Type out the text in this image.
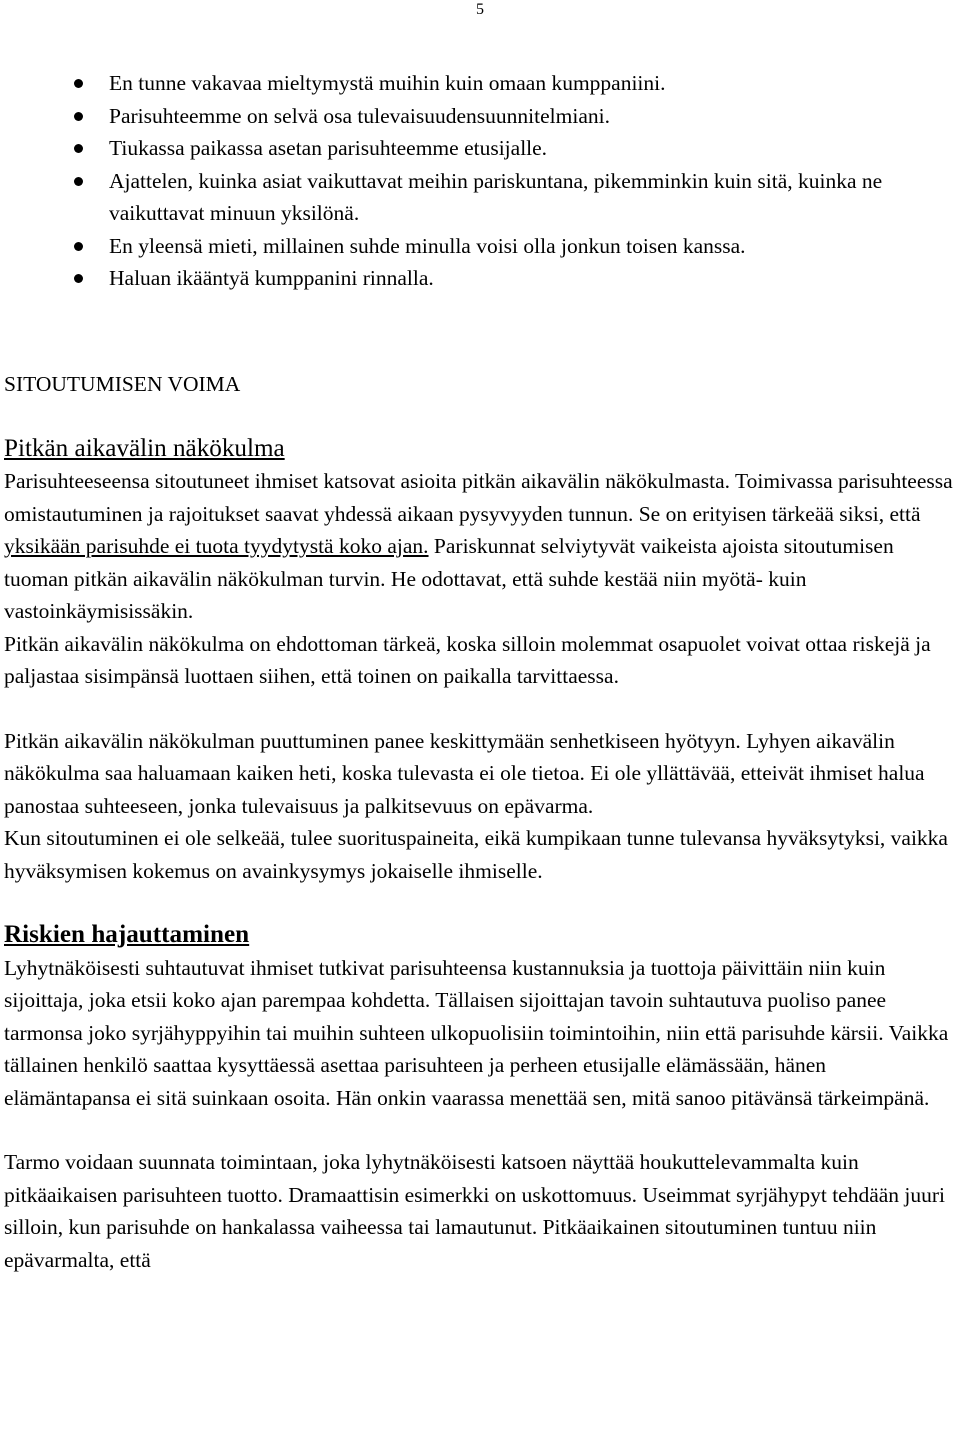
5
En tunne vakavaa mieltymystä muihin kuin omaan kumppaniini.
Parisuhteemme on selvä osa tulevaisuudensuunnitelmiani.
Tiukassa paikassa asetan parisuhteemme etusijalle.
Ajattelen, kuinka asiat vaikuttavat meihin pariskuntana, pikemminkin kuin sitä, kuinka ne vaikuttavat minuun yksilönä.
En yleensä mieti, millainen suhde minulla voisi olla jonkun toisen kanssa.
Haluan ikääntyä kumppanini rinnalla.
SITOUTUMISEN VOIMA
Pitkän aikavälin näkökulma

Parisuhteeseensa sitoutuneet ihmiset katsovat asioita pitkän aikavälin näkökulmasta. Toimivassa parisuhteessa omistautuminen ja rajoitukset saavat yhdessä aikaan pysyvyyden tunnun. Se on erityisen tärkeää siksi, että yksikään parisuhde ei tuota tyydytystä koko ajan. Pariskunnat selviytyvät vaikeista ajoista sitoutumisen tuoman pitkän aikavälin näkökulman turvin. He odottavat, että suhde kestää niin myötä- kuin vastoinkäymisissäkin.

Pitkän aikavälin näkökulma on ehdottoman tärkeä, koska silloin molemmat osapuolet voivat ottaa riskejä ja paljastaa sisimpänsä luottaen siihen, että toinen on paikalla tarvittaessa.

Pitkän aikavälin näkökulman puuttuminen panee keskittymään senhetkiseen hyötyyn. Lyhyen aikavälin näkökulma saa haluamaan kaiken heti, koska tulevasta ei ole tietoa. Ei ole yllättävää, etteivät ihmiset halua panostaa suhteeseen, jonka tulevaisuus ja palkitsevuus on epävarma.

Kun sitoutuminen ei ole selkeää, tulee suorituspaineita, eikä kumpikaan tunne tulevansa hyväksytyksi, vaikka hyväksymisen kokemus on avainkysymys jokaiselle ihmiselle.

Riskien hajauttaminen

Lyhytnäköisesti suhtautuvat ihmiset tutkivat parisuhteensa kustannuksia ja tuottoja päivittäin niin kuin sijoittaja, joka etsii koko ajan parempaa kohdetta. Tällaisen sijoittajan tavoin suhtautuva puoliso panee tarmonsa joko syrjähyppyihin tai muihin suhteen ulkopuolisiin toimintoihin, niin että parisuhde kärsii. Vaikka tällainen henkilö saattaa kysyttäessä asettaa parisuhteen ja perheen etusijalle elämässään, hänen elämäntapansa ei sitä suinkaan osoita. Hän onkin vaarassa menettää sen, mitä sanoo pitävänsä tärkeimpänä.

Tarmo voidaan suunnata toimintaan, joka lyhytnäköisesti katsoen näyttää houkuttelevammalta kuin pitkäaikaisen parisuhteen tuotto. Dramaattisin esimerkki on uskottomuus. Useimmat syrjähypyt tehdään juuri silloin, kun parisuhde on hankalassa vaiheessa tai lamautunut. Pitkäaikainen sitoutuminen tuntuu niin epävarmalta, että
